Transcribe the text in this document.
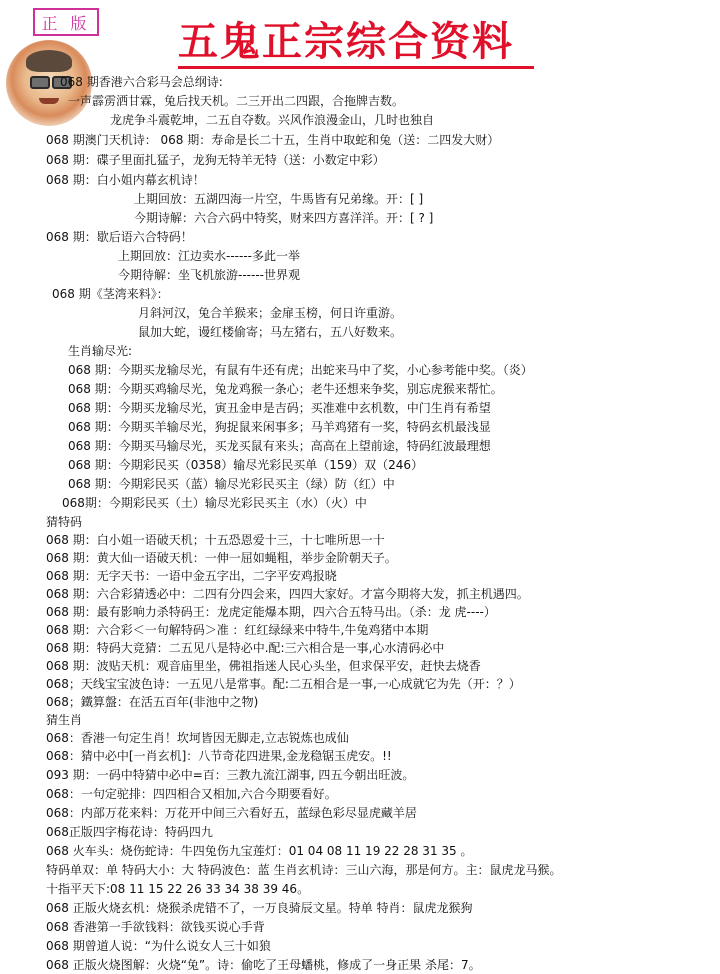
正 版 五鬼正宗综合资料
068 期香港六合彩马会总纲诗:
一声霹雳洒甘霖，兔后找天机。二三开出二四跟，合拖牌吉数。
龙虎争斗震乾坤，二五自夺数。兴风作浪漫金山，几时也独自
068 期澳门天机诗： 068 期：寿命是长二十五，生肖中取蛇和兔（送：二四发大财）
068 期：碟子里面扎猛子，龙狗无特羊无特（送：小数定中彩）
068 期：白小姐内幕玄机诗！
上期回放：五湖四海一片空，牛馬皆有兄弟缘。开：[ ]
今期诗解：六合六码中特奖，财来四方喜洋洋。开：[ ? ]
068 期：歇后语六合特码！
上期回放：江边卖水------多此一举
今期待解：坐飞机旅游------世界观
068 期《茎湾来料》：
月斜河汉，兔合羊猴来；金扉玉榜，何日许重游。
鼠加大蛇，谩红楼偷寄；马左猪右，五八好数来。
生肖输尽光:
068 期：今期买龙输尽光，有鼠有牛还有虎；出蛇来马中了奖，小心参考能中奖。（炎）
068 期：今期买鸡输尽光，兔龙鸡猴一条心；老牛还想来争奖，别忘虎猴来帮忙。
068 期：今期买龙输尽光，寅丑金申是吉码；买准难中玄机数，中门生肖有希望
068 期：今期买羊输尽光，狗捉鼠来闲事多；马羊鸡猪有一奖，特码玄机最浅显
068 期：今期买马输尽光，买龙买鼠有来头；高高在上望前途，特码红波最理想
068 期：今期彩民买（0358）输尽光彩民买单（159）双（246）
068 期：今期彩民买（蓝）输尽光彩民买主（绿）防（红）中
068期：今期彩民买（土）输尽光彩民买主（水）（火）中
猜特码
068 期：白小姐一语破天机；十五恐恩爱十三，十七唯所思一十
068 期：黄大仙一语破天机：一伸一屈如蝇粗，举步金阶朝天子。
068 期：无字天书：一语中金五字出，二字平安鸡报晓
068 期：六合彩猜透必中：二四有分四会来，四四大家好。才富今期将大发，抓主机遇四。
068 期：最有影响力杀特码王：龙虎定能爆本期，四六合五特马出。（杀：龙 虎----）
068 期：六合彩＜一句解特码＞准 ：红红绿绿来中特牛,牛兔鸡猪中本期
068 期：特码大竞猜：二五见八是特必中.配:三六相合是一事,心水清码必中
068 期：波贴天机：观音庙里坐，佛祖指迷人民心头坐，但求保平安，赶快去烧香
068；天线宝宝波色诗：一五见八是常事。配:二五相合是一事,一心成就它为先（开：？）
068；鐵算盤：在活五百年(非池中之物)
猜生肖
068：香港一句定生肖！坎坷皆因无脚走,立志锐炼也成仙
068：猜中必中[一肖玄机]：八节奇花四进果,金龙稳锯玉虎安。!!
093 期：一码中特猜中必中=百：三教九流江湖事, 四五今朝出旺波。
068：一句定驼排：四四相合又相加,六合今期要看好。
068：内部万花来料：万花开中间三六看好五，蓝绿色彩尽显虎藏羊居
068正版四字梅花诗：特码四九
068 火车头：烧伤蛇诗：牛四兔伤九宝莲灯：01 04 08 11 19 22 28 31 35 。
特码单双：单 特码大小：大 特码波色：蓝 生肖玄机诗：三山六海，那是何方。主：鼠虎龙马猴。
十指平天下:08 11 15 22 26 33 34 38 39 46。
068 正版火烧玄机：烧猴杀虎错不了，一万良骑辰文星。特单 特肖：鼠虎龙猴狗
068 香港第一手欲钱料：欲钱买说心手背
068 期曾道人说：“为什么说女人三十如狼
068 正版火烧图解：火烧“兔”。诗：偷吃了王母蟠桃，修成了一身正果 杀尾：7。
